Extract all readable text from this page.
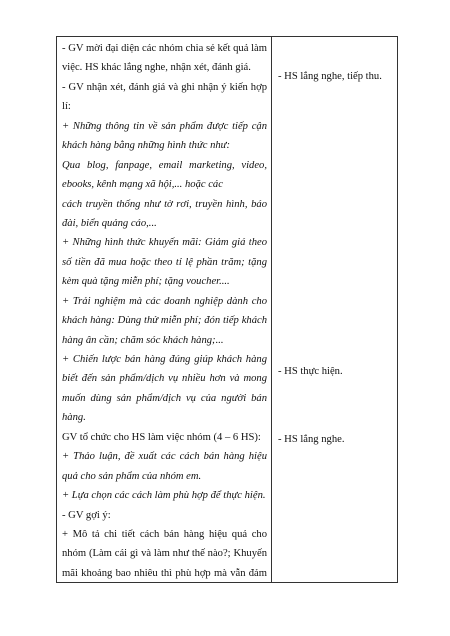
- GV mời đại diện các nhóm chia sẻ kết quả làm
việc. HS khác lắng nghe, nhận xét, đánh giá.
- GV nhận xét, đánh giá và ghi nhận ý kiến hợp
lí:
+ Những thông tin về sản phẩm được tiếp cận
khách hàng bằng những hình thức như:
Qua blog, fanpage, email marketing, video,
ebooks, kênh mạng xã hội,... hoặc các
cách truyền thống như tờ rơi, truyền hình, báo
đài, biển quảng cáo,...
+ Những hình thức khuyến mãi: Giảm giá theo
số tiền đã mua hoặc theo tỉ lệ phần trăm; tặng
kèm quà tặng miễn phí; tặng voucher....
+ Trải nghiệm mà các doanh nghiệp dành cho
khách hàng: Dùng thử miễn phí; đón tiếp khách
hàng ân cần; chăm sóc khách hàng;...
+ Chiến lược bán hàng đúng giúp khách hàng
biết đến sản phẩm/dịch vụ nhiều hơn và mong
muốn dùng sản phẩm/dịch vụ của người bán
hàng.
GV tổ chức cho HS làm việc nhóm (4 – 6 HS):
+ Thảo luận, đề xuất các cách bán hàng hiệu
quả cho sản phẩm của nhóm em.
+ Lựa chọn các cách làm phù hợp để thực hiện.
- GV gợi ý:
+ Mô tả chi tiết cách bán hàng hiệu quả cho
nhóm (Làm cái gì và làm như thế nào?; Khuyến
mãi khoảng bao nhiêu thì phù hợp mà vẫn đảm
- HS lắng nghe, tiếp thu.
- HS thực hiện.
- HS lắng nghe.
